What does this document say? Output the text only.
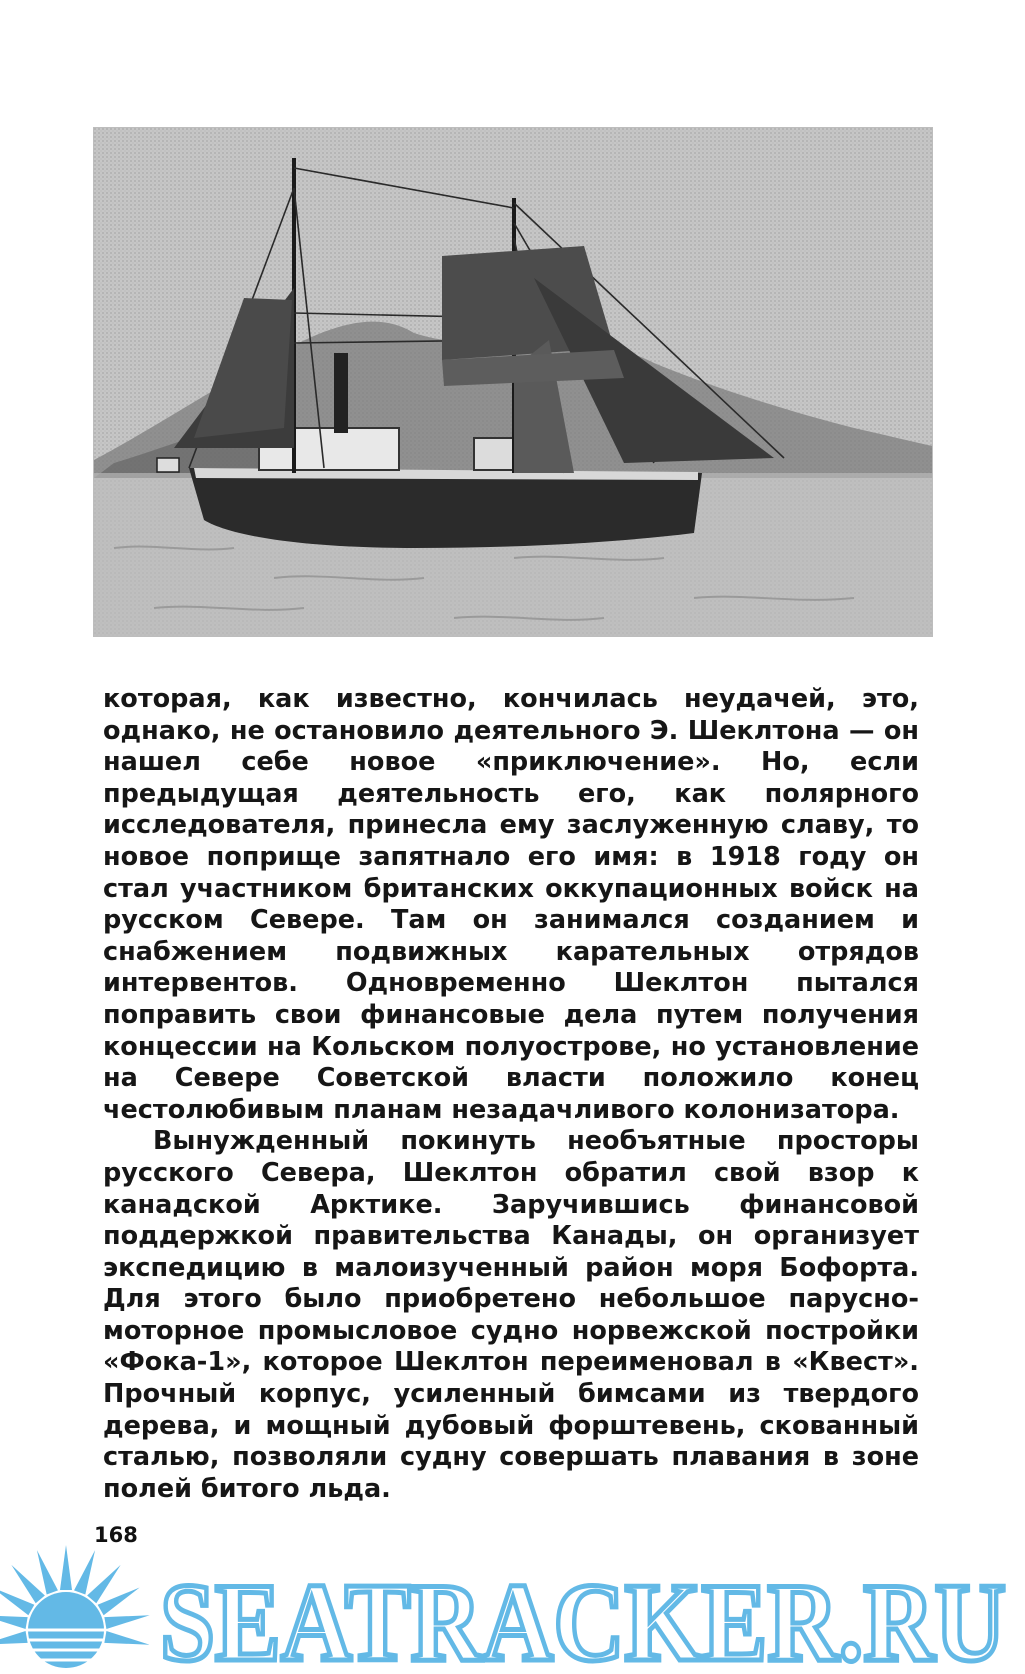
которая, как известно, кончилась неудачей, это, однако, не остановило деятельного Э. Шеклтона — он нашел себе новое «приключение». Но, если предыдущая деятельность его, как полярного исследователя, принесла ему заслуженную славу, то новое поприще запятнало его имя: в 1918 году он стал участником британских оккупационных войск на русском Севере. Там он занимался созданием и снабжением подвижных карательных отрядов интервентов. Одновременно Шеклтон пытался поправить свои финансовые дела путем получения концессии на Кольском полуострове, но установление на Севере Советской власти положило конец честолюбивым планам незадачливого колонизатора.

Вынужденный покинуть необъятные просторы русского Севера, Шеклтон обратил свой взор к канадской Арктике. Заручившись финансовой поддержкой правительства Канады, он организует экспедицию в малоизученный район моря Бофорта. Для этого было приобретено небольшое парусно-моторное промысловое судно норвежской постройки «Фока-1», которое Шеклтон переименовал в «Квест». Прочный корпус, усиленный бимсами из твердого дерева, и мощный дубовый форштевень, скованный сталью, позволяли судну совершать плавания в зоне полей битого льда.

168
SEATRACKER.RU
